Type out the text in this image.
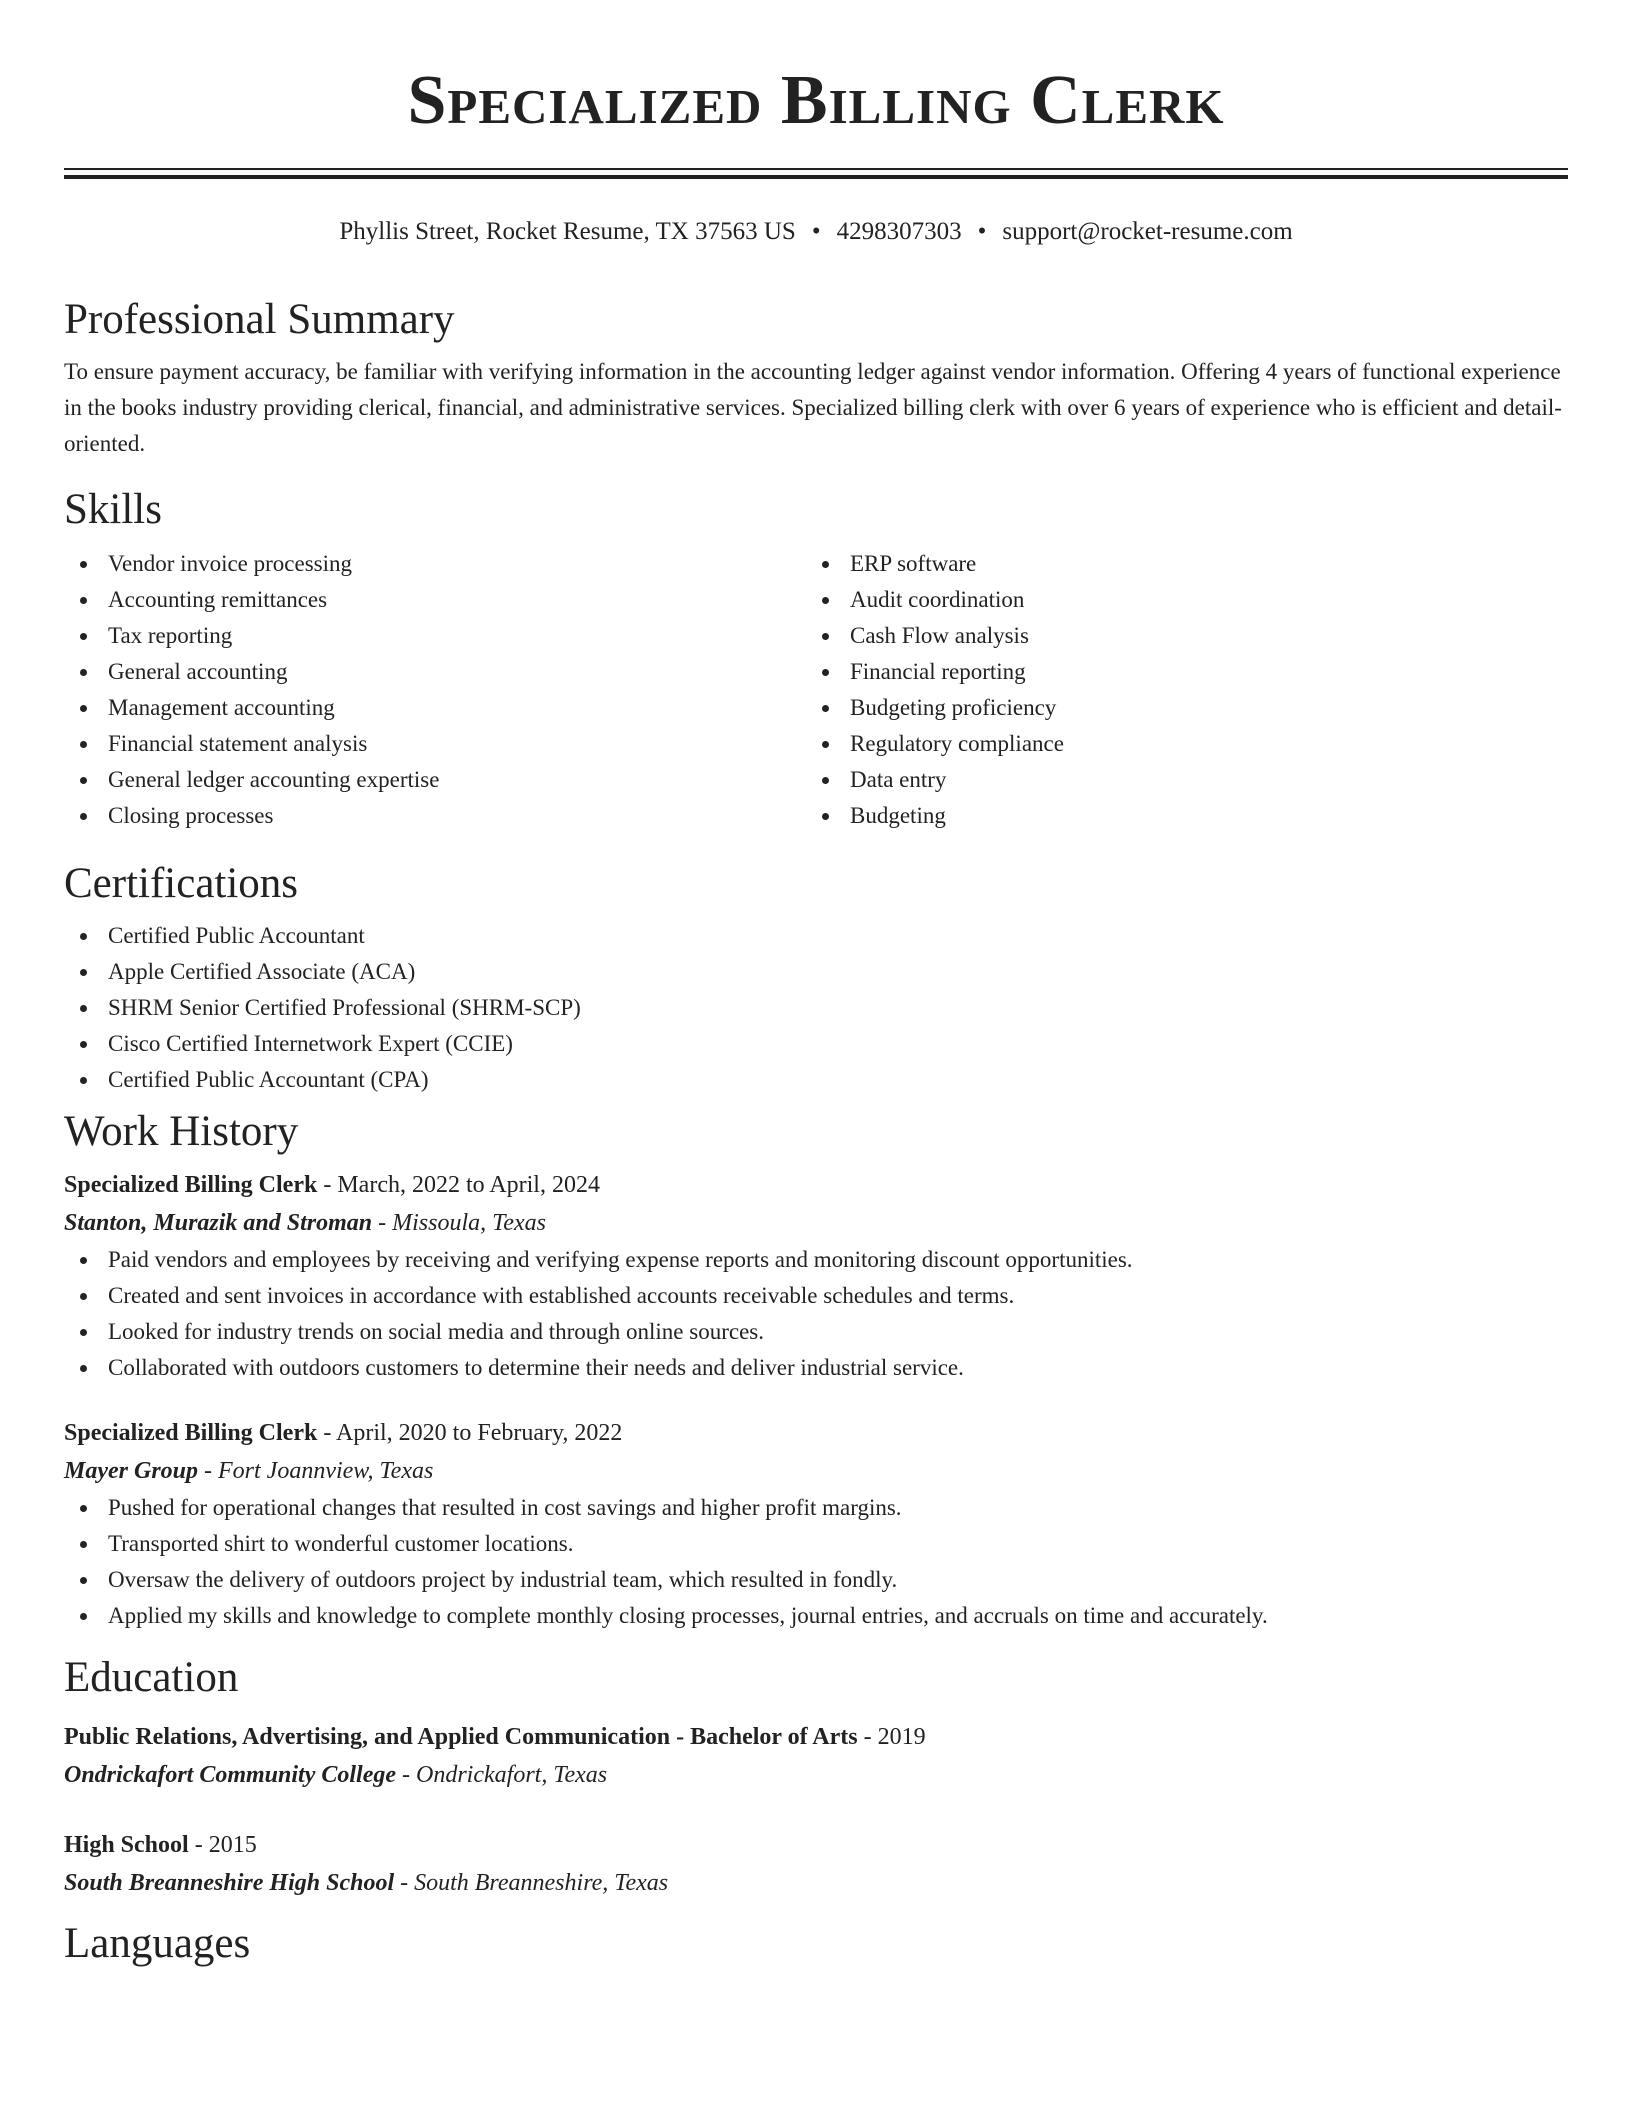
Specialized Billing Clerk
Phyllis Street, Rocket Resume, TX 37563 US • 4298307303 • support@rocket-resume.com
Professional Summary

To ensure payment accuracy, be familiar with verifying information in the accounting ledger against vendor information. Offering 4 years of functional experience in the books industry providing clerical, financial, and administrative services. Specialized billing clerk with over 6 years of experience who is efficient and detail-oriented.

Skills
Vendor invoice processing
Accounting remittances
Tax reporting
General accounting
Management accounting
Financial statement analysis
General ledger accounting expertise
Closing processes
ERP software
Audit coordination
Cash Flow analysis
Financial reporting
Budgeting proficiency
Regulatory compliance
Data entry
Budgeting
Certifications
Certified Public Accountant
Apple Certified Associate (ACA)
SHRM Senior Certified Professional (SHRM-SCP)
Cisco Certified Internetwork Expert (CCIE)
Certified Public Accountant (CPA)
Work History
Specialized Billing Clerk - March, 2022 to April, 2024
Stanton, Murazik and Stroman - Missoula, Texas
Paid vendors and employees by receiving and verifying expense reports and monitoring discount opportunities.
Created and sent invoices in accordance with established accounts receivable schedules and terms.
Looked for industry trends on social media and through online sources.
Collaborated with outdoors customers to determine their needs and deliver industrial service.
Specialized Billing Clerk - April, 2020 to February, 2022
Mayer Group - Fort Joannview, Texas
Pushed for operational changes that resulted in cost savings and higher profit margins.
Transported shirt to wonderful customer locations.
Oversaw the delivery of outdoors project by industrial team, which resulted in fondly.
Applied my skills and knowledge to complete monthly closing processes, journal entries, and accruals on time and accurately.
Education
Public Relations, Advertising, and Applied Communication - Bachelor of Arts - 2019
Ondrickafort Community College - Ondrickafort, Texas
High School - 2015
South Breanneshire High School - South Breanneshire, Texas
Languages
